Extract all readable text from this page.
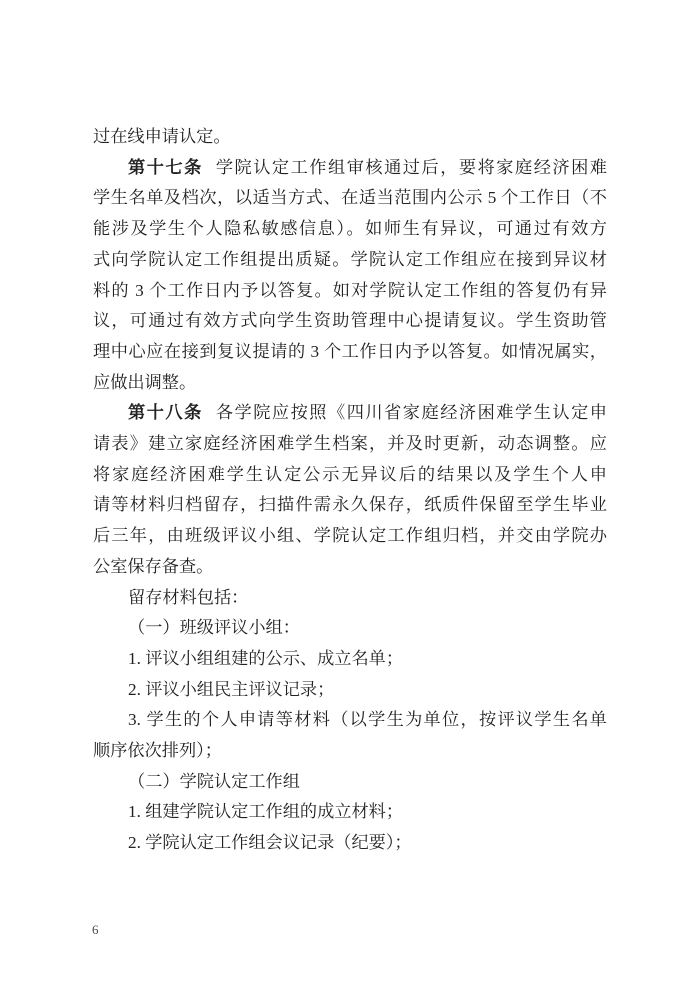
过在线申请认定。
第十七条 学院认定工作组审核通过后，要将家庭经济困难
学生名单及档次，以适当方式、在适当范围内公示 5 个工作日（不
能涉及学生个人隐私敏感信息）。如师生有异议，可通过有效方
式向学院认定工作组提出质疑。学院认定工作组应在接到异议材
料的 3 个工作日内予以答复。如对学院认定工作组的答复仍有异
议，可通过有效方式向学生资助管理中心提请复议。学生资助管
理中心应在接到复议提请的 3 个工作日内予以答复。如情况属实，
应做出调整。
第十八条 各学院应按照《四川省家庭经济困难学生认定申
请表》建立家庭经济困难学生档案，并及时更新，动态调整。应
将家庭经济困难学生认定公示无异议后的结果以及学生个人申
请等材料归档留存，扫描件需永久保存，纸质件保留至学生毕业
后三年，由班级评议小组、学院认定工作组归档，并交由学院办
公室保存备查。
留存材料包括：
（一）班级评议小组：
1. 评议小组组建的公示、成立名单；
2. 评议小组民主评议记录；
3. 学生的个人申请等材料（以学生为单位，按评议学生名单
顺序依次排列）；
（二）学院认定工作组
1. 组建学院认定工作组的成立材料；
2. 学院认定工作组会议记录（纪要）；
6
